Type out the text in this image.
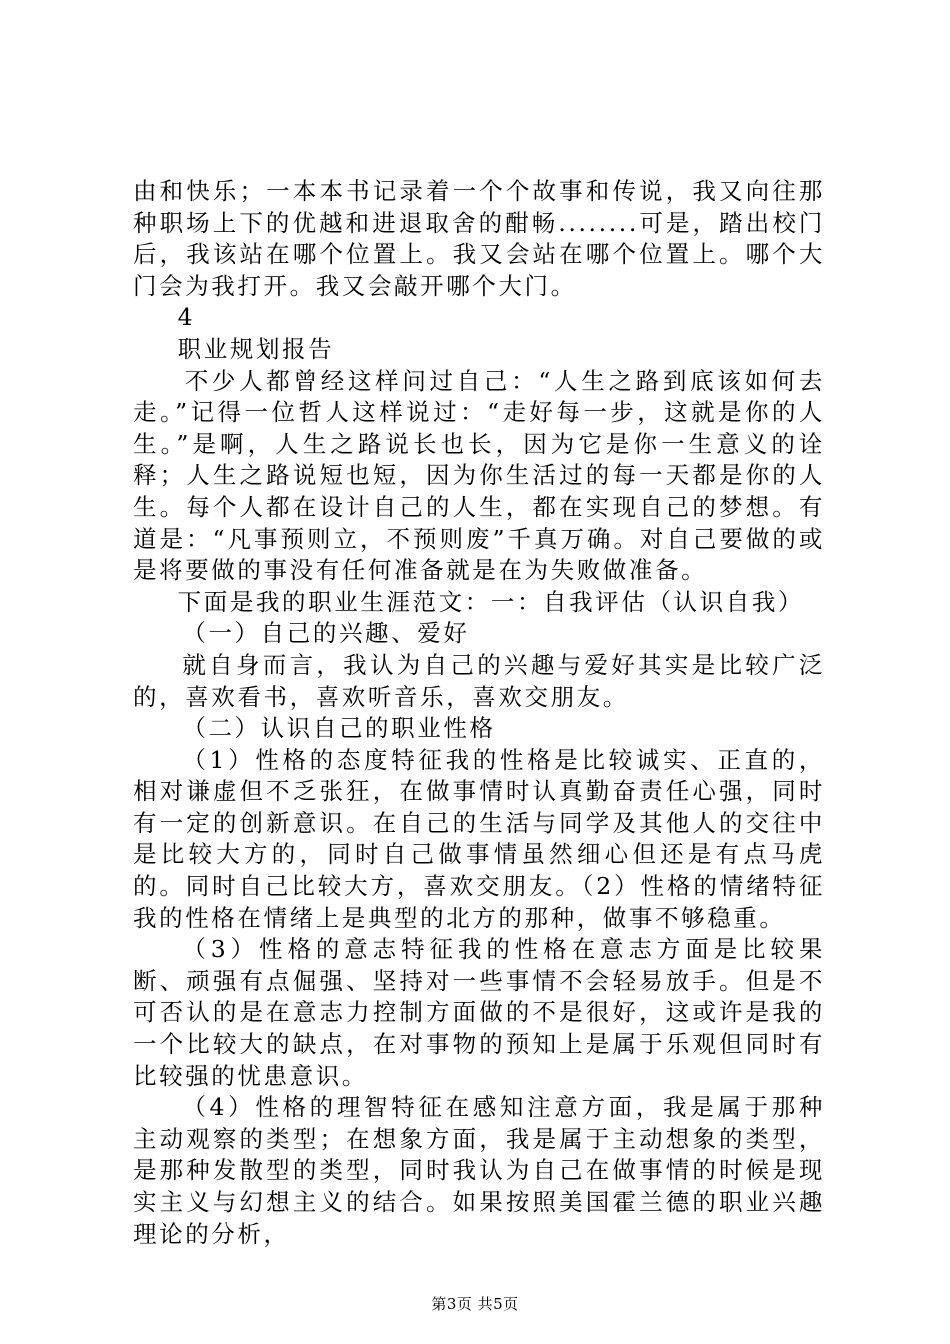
由和快乐；一本本书记录着一个个故事和传说，我又向往那种职场上下的优越和进退取舍的酣畅........可是，踏出校门后，我该站在哪个位置上。我又会站在哪个位置上。哪个大门会为我打开。我又会敲开哪个大门。

4

职业规划报告

不少人都曾经这样问过自己：“人生之路到底该如何去走。”记得一位哲人这样说过：“走好每一步，这就是你的人生。”是啊，人生之路说长也长，因为它是你一生意义的诠释；人生之路说短也短，因为你生活过的每一天都是你的人生。每个人都在设计自己的人生，都在实现自己的梦想。有道是：“凡事预则立，不预则废”千真万确。对自己要做的或是将要做的事没有任何准备就是在为失败做准备。

下面是我的职业生涯范文：一：自我评估（认识自我）

（一）自己的兴趣、爱好

就自身而言，我认为自己的兴趣与爱好其实是比较广泛的，喜欢看书，喜欢听音乐，喜欢交朋友。

（二）认识自己的职业性格

（1）性格的态度特征我的性格是比较诚实、正直的，相对谦虚但不乏张狂，在做事情时认真勤奋责任心强，同时有一定的创新意识。在自己的生活与同学及其他人的交往中是比较大方的，同时自己做事情虽然细心但还是有点马虎的。同时自己比较大方，喜欢交朋友。（2）性格的情绪特征我的性格在情绪上是典型的北方的那种，做事不够稳重。

（3）性格的意志特征我的性格在意志方面是比较果断、顽强有点倔强、坚持对一些事情不会轻易放手。但是不可否认的是在意志力控制方面做的不是很好，这或许是我的一个比较大的缺点，在对事物的预知上是属于乐观但同时有比较强的忧患意识。

（4）性格的理智特征在感知注意方面，我是属于那种主动观察的类型；在想象方面，我是属于主动想象的类型，是那种发散型的类型，同时我认为自己在做事情的时候是现实主义与幻想主义的结合。如果按照美国霍兰德的职业兴趣理论的分析，

第3页 共5页
